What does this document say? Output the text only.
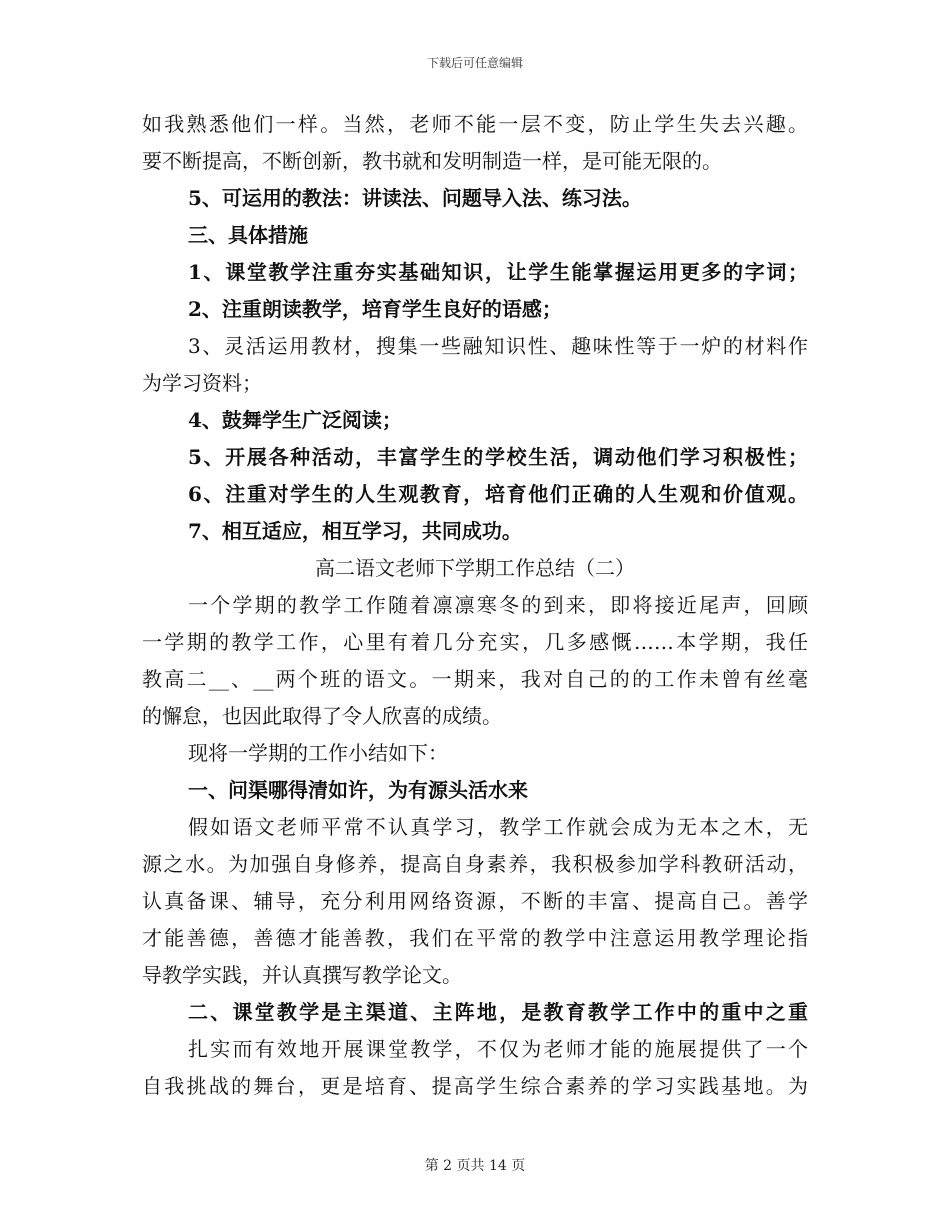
下载后可任意编辑
如我熟悉他们一样。当然，老师不能一层不变，防止学生失去兴趣。
要不断提高，不断创新，教书就和发明制造一样，是可能无限的。
5、可运用的教法：讲读法、问题导入法、练习法。
三、具体措施
1、课堂教学注重夯实基础知识，让学生能掌握运用更多的字词；
2、注重朗读教学，培育学生良好的语感；
3、灵活运用教材，搜集一些融知识性、趣味性等于一炉的材料作
为学习资料；
4、鼓舞学生广泛阅读；
5、开展各种活动，丰富学生的学校生活，调动他们学习积极性；
6、注重对学生的人生观教育，培育他们正确的人生观和价值观。
7、相互适应，相互学习，共同成功。
高二语文老师下学期工作总结（二）
一个学期的教学工作随着凛凛寒冬的到来，即将接近尾声，回顾
一学期的教学工作，心里有着几分充实，几多感慨……本学期，我任
教高二__、__两个班的语文。一期来，我对自己的的工作未曾有丝毫
的懈怠，也因此取得了令人欣喜的成绩。
现将一学期的工作小结如下：
一、问渠哪得清如许，为有源头活水来
假如语文老师平常不认真学习，教学工作就会成为无本之木，无
源之水。为加强自身修养，提高自身素养，我积极参加学科教研活动，
认真备课、辅导，充分利用网络资源，不断的丰富、提高自己。善学
才能善德，善德才能善教，我们在平常的教学中注意运用教学理论指
导教学实践，并认真撰写教学论文。
二、课堂教学是主渠道、主阵地，是教育教学工作中的重中之重
扎实而有效地开展课堂教学，不仅为老师才能的施展提供了一个
自我挑战的舞台，更是培育、提高学生综合素养的学习实践基地。为
第 2 页共 14 页
